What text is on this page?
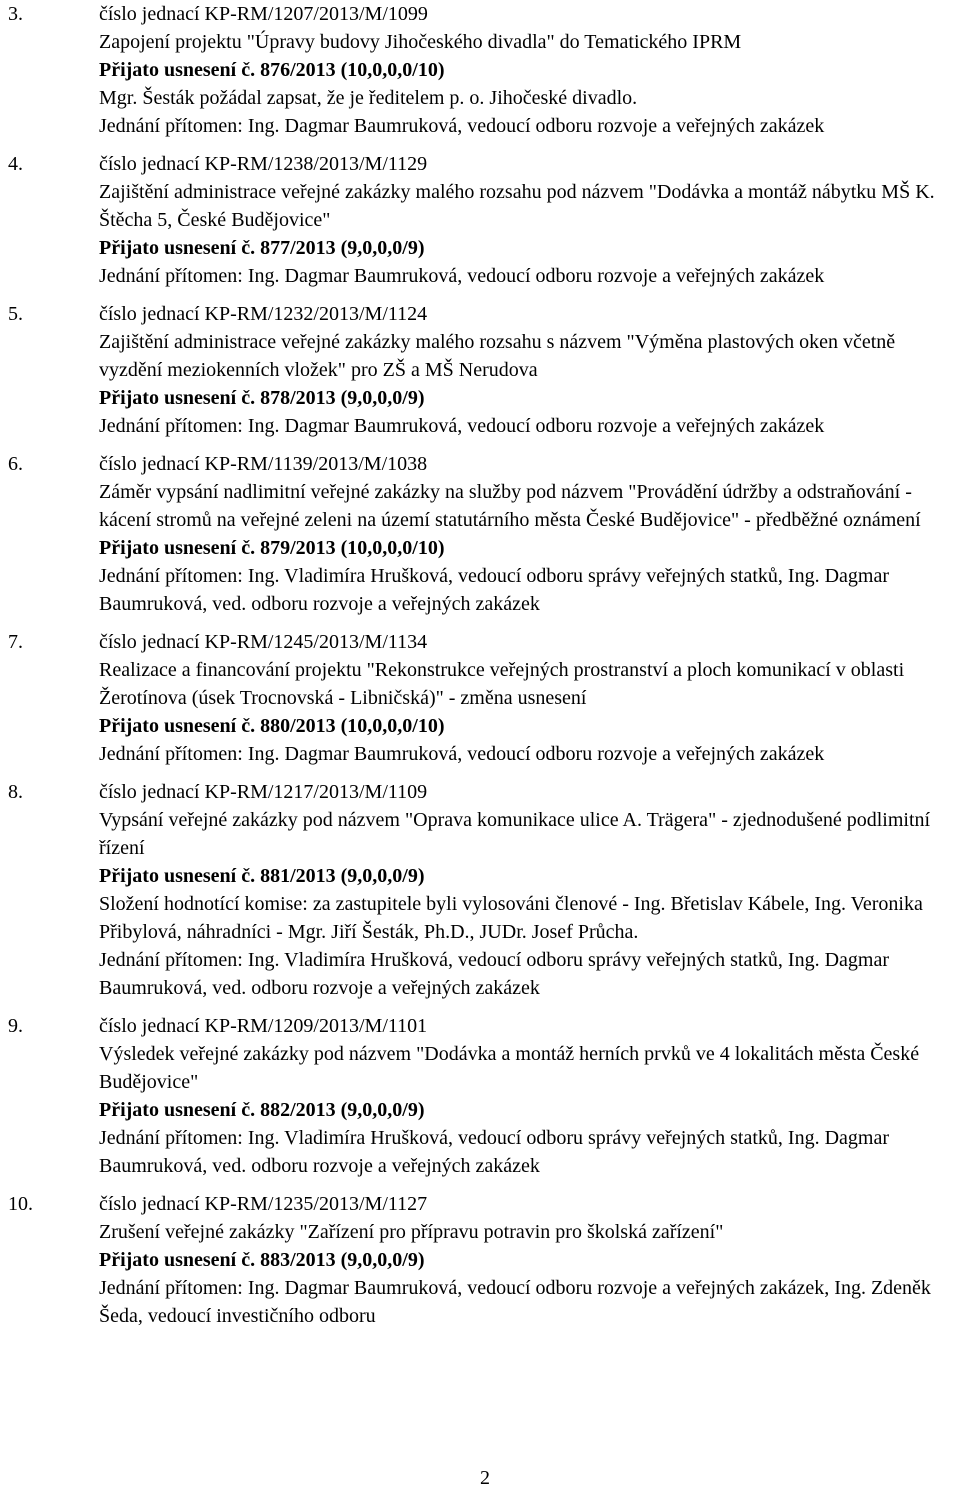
3.	číslo jednací KP-RM/1207/2013/M/1099
Zapojení projektu "Úpravy budovy Jihočeského divadla" do Tematického IPRM
Přijato usnesení č. 876/2013 (10,0,0,0/10)
Mgr. Šesták požádal zapsat, že je ředitelem p. o. Jihočeské divadlo.
Jednání přítomen: Ing. Dagmar Baumruková, vedoucí odboru rozvoje a veřejných zakázek
4.	číslo jednací KP-RM/1238/2013/M/1129
Zajištění administrace veřejné zakázky malého rozsahu pod názvem "Dodávka a montáž nábytku MŠ K. Štěcha 5, České Budějovice"
Přijato usnesení č. 877/2013 (9,0,0,0/9)
Jednání přítomen: Ing. Dagmar Baumruková, vedoucí odboru rozvoje a veřejných zakázek
5.	číslo jednací KP-RM/1232/2013/M/1124
Zajištění administrace veřejné zakázky malého rozsahu s názvem "Výměna plastových oken včetně vyzdění meziokenních vložek" pro ZŠ a MŠ Nerudova
Přijato usnesení č. 878/2013 (9,0,0,0/9)
Jednání přítomen: Ing. Dagmar Baumruková, vedoucí odboru rozvoje a veřejných zakázek
6.	číslo jednací KP-RM/1139/2013/M/1038
Záměr vypsání nadlimitní veřejné zakázky na služby pod názvem "Provádění údržby a odstraňování - kácení stromů na veřejné zeleni na území statutárního města České Budějovice" - předběžné oznámení
Přijato usnesení č. 879/2013 (10,0,0,0/10)
Jednání přítomen: Ing. Vladimíra Hrušková, vedoucí odboru správy veřejných statků, Ing. Dagmar Baumruková, ved. odboru rozvoje a veřejných zakázek
7.	číslo jednací KP-RM/1245/2013/M/1134
Realizace a financování projektu "Rekonstrukce veřejných prostranství a ploch komunikací v oblasti Žerotínova (úsek Trocnovská - Libničská)" - změna usnesení
Přijato usnesení č. 880/2013 (10,0,0,0/10)
Jednání přítomen: Ing. Dagmar Baumruková, vedoucí odboru rozvoje a veřejných zakázek
8.	číslo jednací KP-RM/1217/2013/M/1109
Vypsání veřejné zakázky pod názvem "Oprava komunikace ulice A. Trägera" - zjednodušené podlimitní řízení
Přijato usnesení č. 881/2013 (9,0,0,0/9)
Složení hodnotící komise: za zastupitele byli vylosováni členové - Ing. Břetislav Kábele, Ing. Veronika Přibylová, náhradníci - Mgr. Jiří Šesták, Ph.D., JUDr. Josef Průcha.
Jednání přítomen: Ing. Vladimíra Hrušková, vedoucí odboru správy veřejných statků, Ing. Dagmar Baumruková, ved. odboru rozvoje a veřejných zakázek
9.	číslo jednací KP-RM/1209/2013/M/1101
Výsledek veřejné zakázky pod názvem "Dodávka a montáž herních prvků ve 4 lokalitách města České Budějovice"
Přijato usnesení č. 882/2013 (9,0,0,0/9)
Jednání přítomen: Ing. Vladimíra Hrušková, vedoucí odboru správy veřejných statků, Ing. Dagmar Baumruková, ved. odboru rozvoje a veřejných zakázek
10.	číslo jednací KP-RM/1235/2013/M/1127
Zrušení veřejné zakázky "Zařízení pro přípravu potravin pro školská zařízení"
Přijato usnesení č. 883/2013 (9,0,0,0/9)
Jednání přítomen: Ing. Dagmar Baumruková, vedoucí odboru rozvoje a veřejných zakázek, Ing. Zdeněk Šeda, vedoucí investičního odboru
2
